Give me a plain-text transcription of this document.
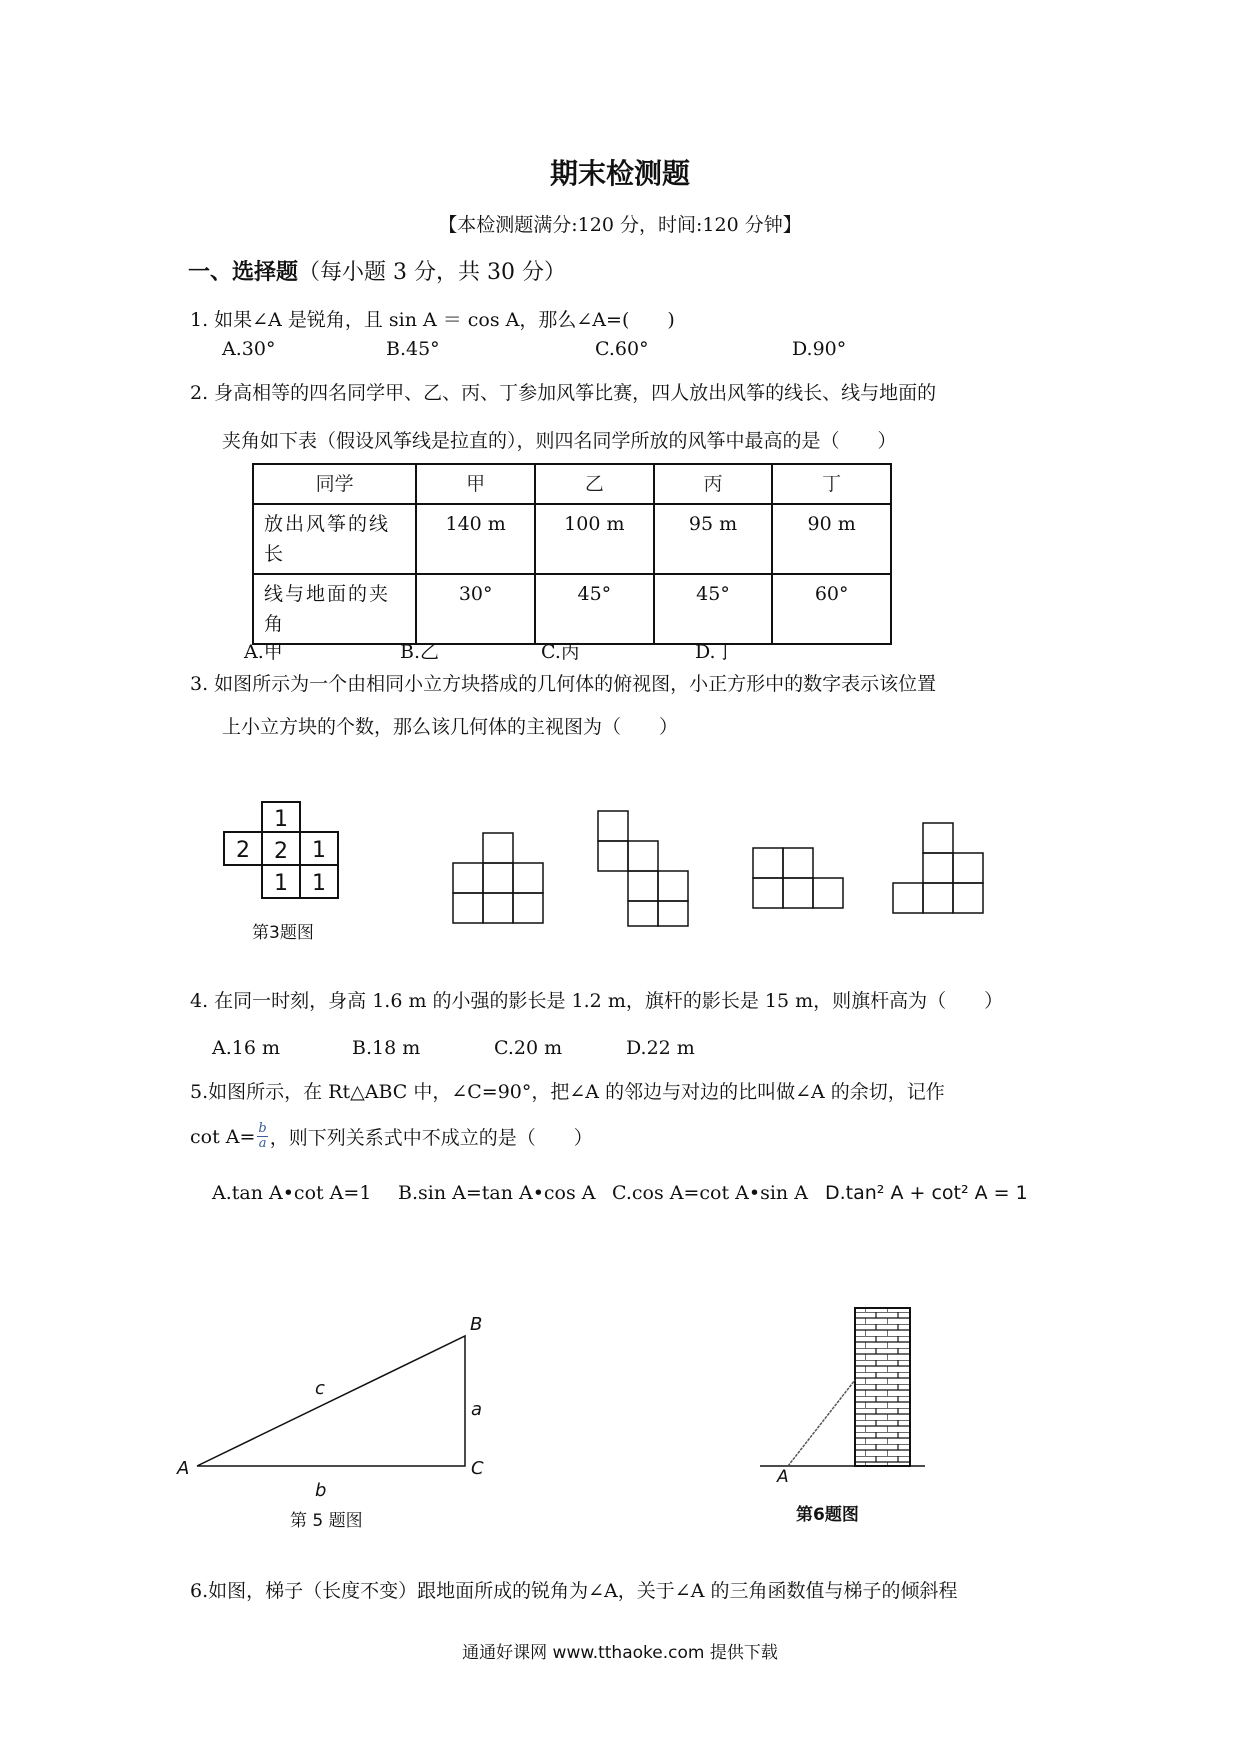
期末检测题
【本检测题满分:120 分，时间:120 分钟】
一、选择题（每小题 3 分，共 30 分）
1. 如果∠A 是锐角，且 sin A ＝ cos A，那么∠A=(　　)
A.30°	B.45°	C.60°	D.90°
2. 身高相等的四名同学甲、乙、丙、丁参加风筝比赛，四人放出风筝的线长、线与地面的
夹角如下表（假设风筝线是拉直的），则四名同学所放的风筝中最高的是（　　）
同学	甲	乙	丙	丁
放出风筝的线长	140 m	100 m	95 m	90 m
线与地面的夹角	30°	45°	45°	60°
A.甲	B.乙	C.丙	D.丁
3. 如图所示为一个由相同小立方块搭成的几何体的俯视图，小正方形中的数字表示该位置
上小立方块的个数，那么该几何体的主视图为（　　）
1
2 2 1
1 1
第3题图
4. 在同一时刻，身高 1.6 m 的小强的影长是 1.2 m，旗杆的影长是 15 m，则旗杆高为（　　）
A.16 m	B.18 m	C.20 m	D.22 m
5.如图所示，在 Rt△ABC 中，∠C=90°，把∠A 的邻边与对边的比叫做∠A 的余切，记作
$\cot A= \frac{b}{a}$ ，则下列关系式中不成立的是（　　）
A.tan A•cot A=1 B.sin A=tan A•cos A C.cos A=cot A•sin A D.tan² A + cot² A = 1
A
B
C
a
b
c
第 5 题图
A
第6题图
6.如图，梯子（长度不变）跟地面所成的锐角为∠A，关于∠A 的三角函数值与梯子的倾斜程
通通好课网 www.tthaoke.com 提供下载
